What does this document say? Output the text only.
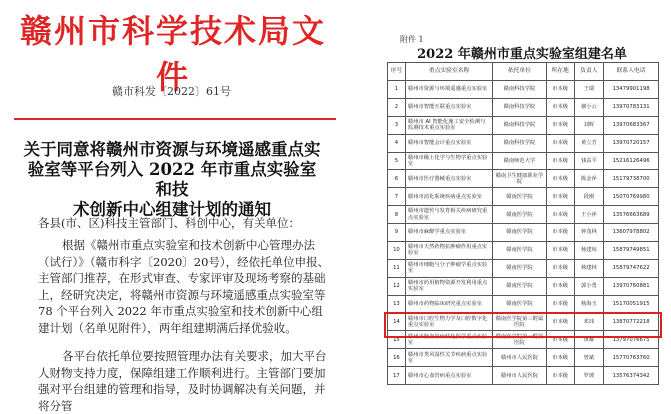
赣州市科学技术局文件
赣市科发〔2022〕61号
关于同意将赣州市资源与环境遥感重点实
验室等平台列入 2022 年市重点实验室和技
术创新中心组建计划的通知
各县(市、区)科技主管部门、科创中心，有关单位：
根据《赣州市重点实验室和技术创新中心管理办法（试行）》（赣市科字〔2020〕20号），经依托单位申报、主管部门推荐，在形式审查、专家评审及现场考察的基础上，经研究决定，将赣州市资源与环境遥感重点实验室等 78 个平台列入 2022 年市重点实验室和技术创新中心组建计划（名单见附件），两年组建期满后择优验收。
各平台依托单位要按照管理办法有关要求，加大平台人财物支持力度，保障组建工作顺利进行。主管部门要加强对平台组建的管理和指导，及时协调解决有关问题，并将分管
附件 1
2022 年赣州市重点实验室组建名单
序号	重点实验室名称	依托单位	所在地	负责人	联系人电话
1	赣州市资源与环境遥感重点实验室	赣南科技学院	市本级	王瑞	13479901198
2	赣州市智能互联重点实验室	赣南科技学院	市本级	谢小云	13970783131
3	赣州市 AI 智能化施工安全检测与监测技术重点实验室	赣南科技学院	市本级	刘晖	13970683367
4	赣州市智能会计重点实验室	赣南科技学院	市本级	黄立芳	13970720157
5	赣州市稀土化学与生物学重点实验室	赣南师范大学	市本级	钱益平	15216126496
6	赣州市医疗器械重点实验室	赣南卫生健康职业学院	市本级	陈金萍	15179738700
7	赣州市消化系统疾病重点实验室	赣南医学院	市本级	段刚	15070769980
8	赣州市遗传与发育相关疾病研究重点实验室	赣南医学院	市本级	王小萍	13576663689
9	赣州市麻醉学重点实验室	赣南医学院	市本级	钟茂林	13607978802
10	赣州市天然药物抗肿瘤作用重点实验室	赣南医学院	市本级	杨建琼	15879749851
11	赣州市细胞与分子肿瘤学重点实验室	赣南医学院	市本级	杨建林	15879747622
12	赣州市药用植物资源开发利用重点实验室	赣南医学院	市本级	郭小勇	13970760881
13	赣州市药物临床研究重点实验室	赣南医学院	市本级	杨海玉	15170051915
14	赣州市口腔生物力学及口腔数字化重点实验室	赣南医学院第三附属医院	市本级	邓玮	13870772218
15	赣州市脑血管病转化医学重点实验室	赣南医学院第一附属医院	市本级	黄耀	13797076675
16	赣州市类风湿性关节疾病重点实验室	赣州市人民医院	市本级	曾斌	15770763760
17	赣州市心血管病重点实验室	赣州市人民医院	市本级	罗玻	13576374342
